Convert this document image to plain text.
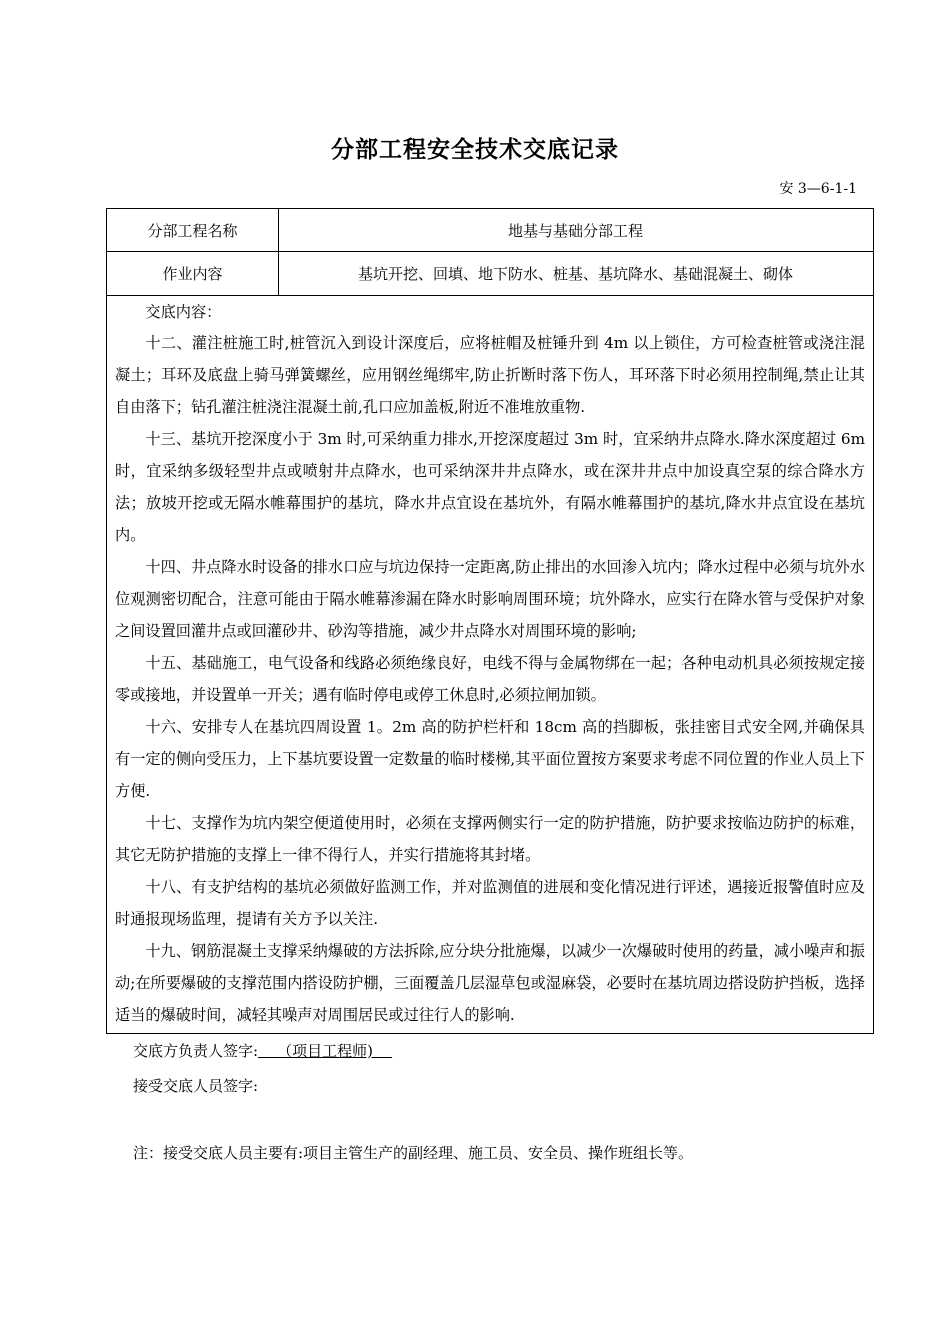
分部工程安全技术交底记录
安 3—6-1-1
分部工程名称	地基与基础分部工程
作业内容	基坑开挖、回填、地下防水、桩基、基坑降水、基础混凝土、砌体
交底内容：

十二、灌注桩施工时,桩管沉入到设计深度后，应将桩帽及桩锤升到 4m 以上锁住，方可检查桩管或浇注混凝土；耳环及底盘上骑马弹簧螺丝，应用钢丝绳绑牢,防止折断时落下伤人，耳环落下时必须用控制绳,禁止让其自由落下；钻孔灌注桩浇注混凝土前,孔口应加盖板,附近不准堆放重物.

十三、基坑开挖深度小于 3m 时,可采纳重力排水,开挖深度超过 3m 时，宜采纳井点降水.降水深度超过 6m 时，宜采纳多级轻型井点或喷射井点降水，也可采纳深井井点降水，或在深井井点中加设真空泵的综合降水方法；放坡开挖或无隔水帷幕围护的基坑，降水井点宜设在基坑外，有隔水帷幕围护的基坑,降水井点宜设在基坑内。

十四、井点降水时设备的排水口应与坑边保持一定距离,防止排出的水回渗入坑内；降水过程中必须与坑外水位观测密切配合，注意可能由于隔水帷幕渗漏在降水时影响周围环境；坑外降水，应实行在降水管与受保护对象之间设置回灌井点或回灌砂井、砂沟等措施，减少井点降水对周围环境的影响;

十五、基础施工，电气设备和线路必须绝缘良好，电线不得与金属物绑在一起；各种电动机具必须按规定接零或接地，并设置单一开关；遇有临时停电或停工休息时,必须拉闸加锁。

十六、安排专人在基坑四周设置 1。2m 高的防护栏杆和 18cm 高的挡脚板，张挂密目式安全网,并确保具有一定的侧向受压力，上下基坑要设置一定数量的临时楼梯,其平面位置按方案要求考虑不同位置的作业人员上下方便.

十七、支撑作为坑内架空便道使用时，必须在支撑两侧实行一定的防护措施，防护要求按临边防护的标难，其它无防护措施的支撑上一律不得行人，并实行措施将其封堵。

十八、有支护结构的基坑必须做好监测工作，并对监测值的进展和变化情况进行评述，遇接近报警值时应及时通报现场监理，提请有关方予以关注.

十九、钢筋混凝土支撑采纳爆破的方法拆除,应分块分批施爆，以减少一次爆破时使用的药量，减小噪声和振动;在所要爆破的支撑范围内搭设防护棚，三面覆盖几层湿草包或湿麻袋，必要时在基坑周边搭设防护挡板，选择适当的爆破时间，减轻其噪声对周围居民或过往行人的影响.

交底方负责人签字:    （项目工程师)
接受交底人员签字:
注：接受交底人员主要有:项目主管生产的副经理、施工员、安全员、操作班组长等。
